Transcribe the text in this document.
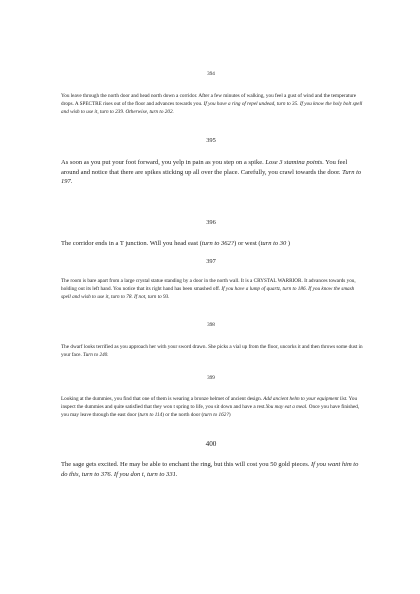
394

You leave through the north door and head north down a corridor. After a few minutes of walking, you feel a gust of wind and the temperature drops. A SPECTRE rises out of the floor and advances towards you. If you have a ring of repel undead, turn to 35. If you know the holy bolt spell and wish to use it, turn to 239. Otherwise, turn to 202.

395

As soon as you put your foot forward, you yelp in pain as you step on a spike. Lose 3 stamina points. You feel around and notice that there are spikes sticking up all over the place. Carefully, you crawl towards the door. Turn to 197.

396

The corridor ends in a T junction. Will you head east (turn to 362?) or west (turn to 30 )

397

The room is bare apart from a large crystal statue standing by a door in the north wall. It is a CRYSTAL WARRIOR. It advances towards you, holding out its left hand. You notice that its right hand has been smashed off. If you have a lump of quartz, turn to 186. If you know the smash spell and wish to use it, turn to 78. If not, turn to 93.

398

The dwarf looks terrified as you approach her with your sword drawn. She picks a vial up from the floor, uncorks it and then throws some dust in your face. Turn to 240.

399

Looking at the dummies, you find that one of them is wearing a bronze helmet of ancient design. Add ancient helm to your equipment list. You inspect the dummies and quite satisfied that they won t spring to life, you sit down and have a rest.You may eat a meal. Once you have finished, you may leave through the east door (turn to 114) or the north door (turn to 162?)

400

The sage gets excited. He may be able to enchant the ring, but this will cost you 50 gold pieces. If you want him to do this, turn to 376. If you don t, turn to 331.
